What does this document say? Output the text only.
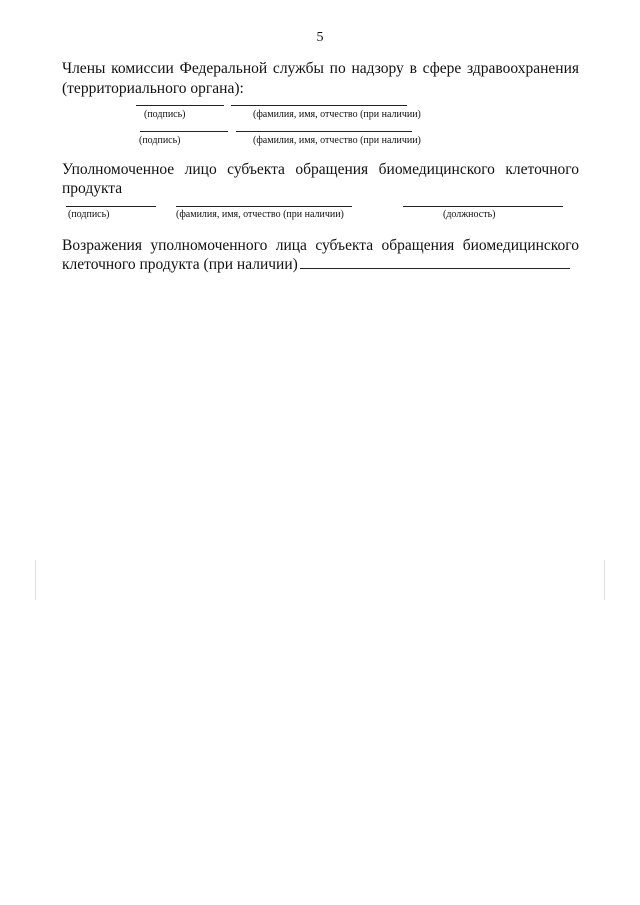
5
Члены комиссии Федеральной службы по надзору в сфере здравоохранения
(территориального органа):
(подпись)	(фамилия, имя, отчество (при наличии)
(подпись)	(фамилия, имя, отчество (при наличии)
Уполномоченное лицо субъекта обращения биомедицинского клеточного
продукта
(подпись)	(фамилия, имя, отчество (при наличии)	(должность)
Возражения уполномоченного лица субъекта обращения биомедицинского
клеточного продукта (при наличии)
